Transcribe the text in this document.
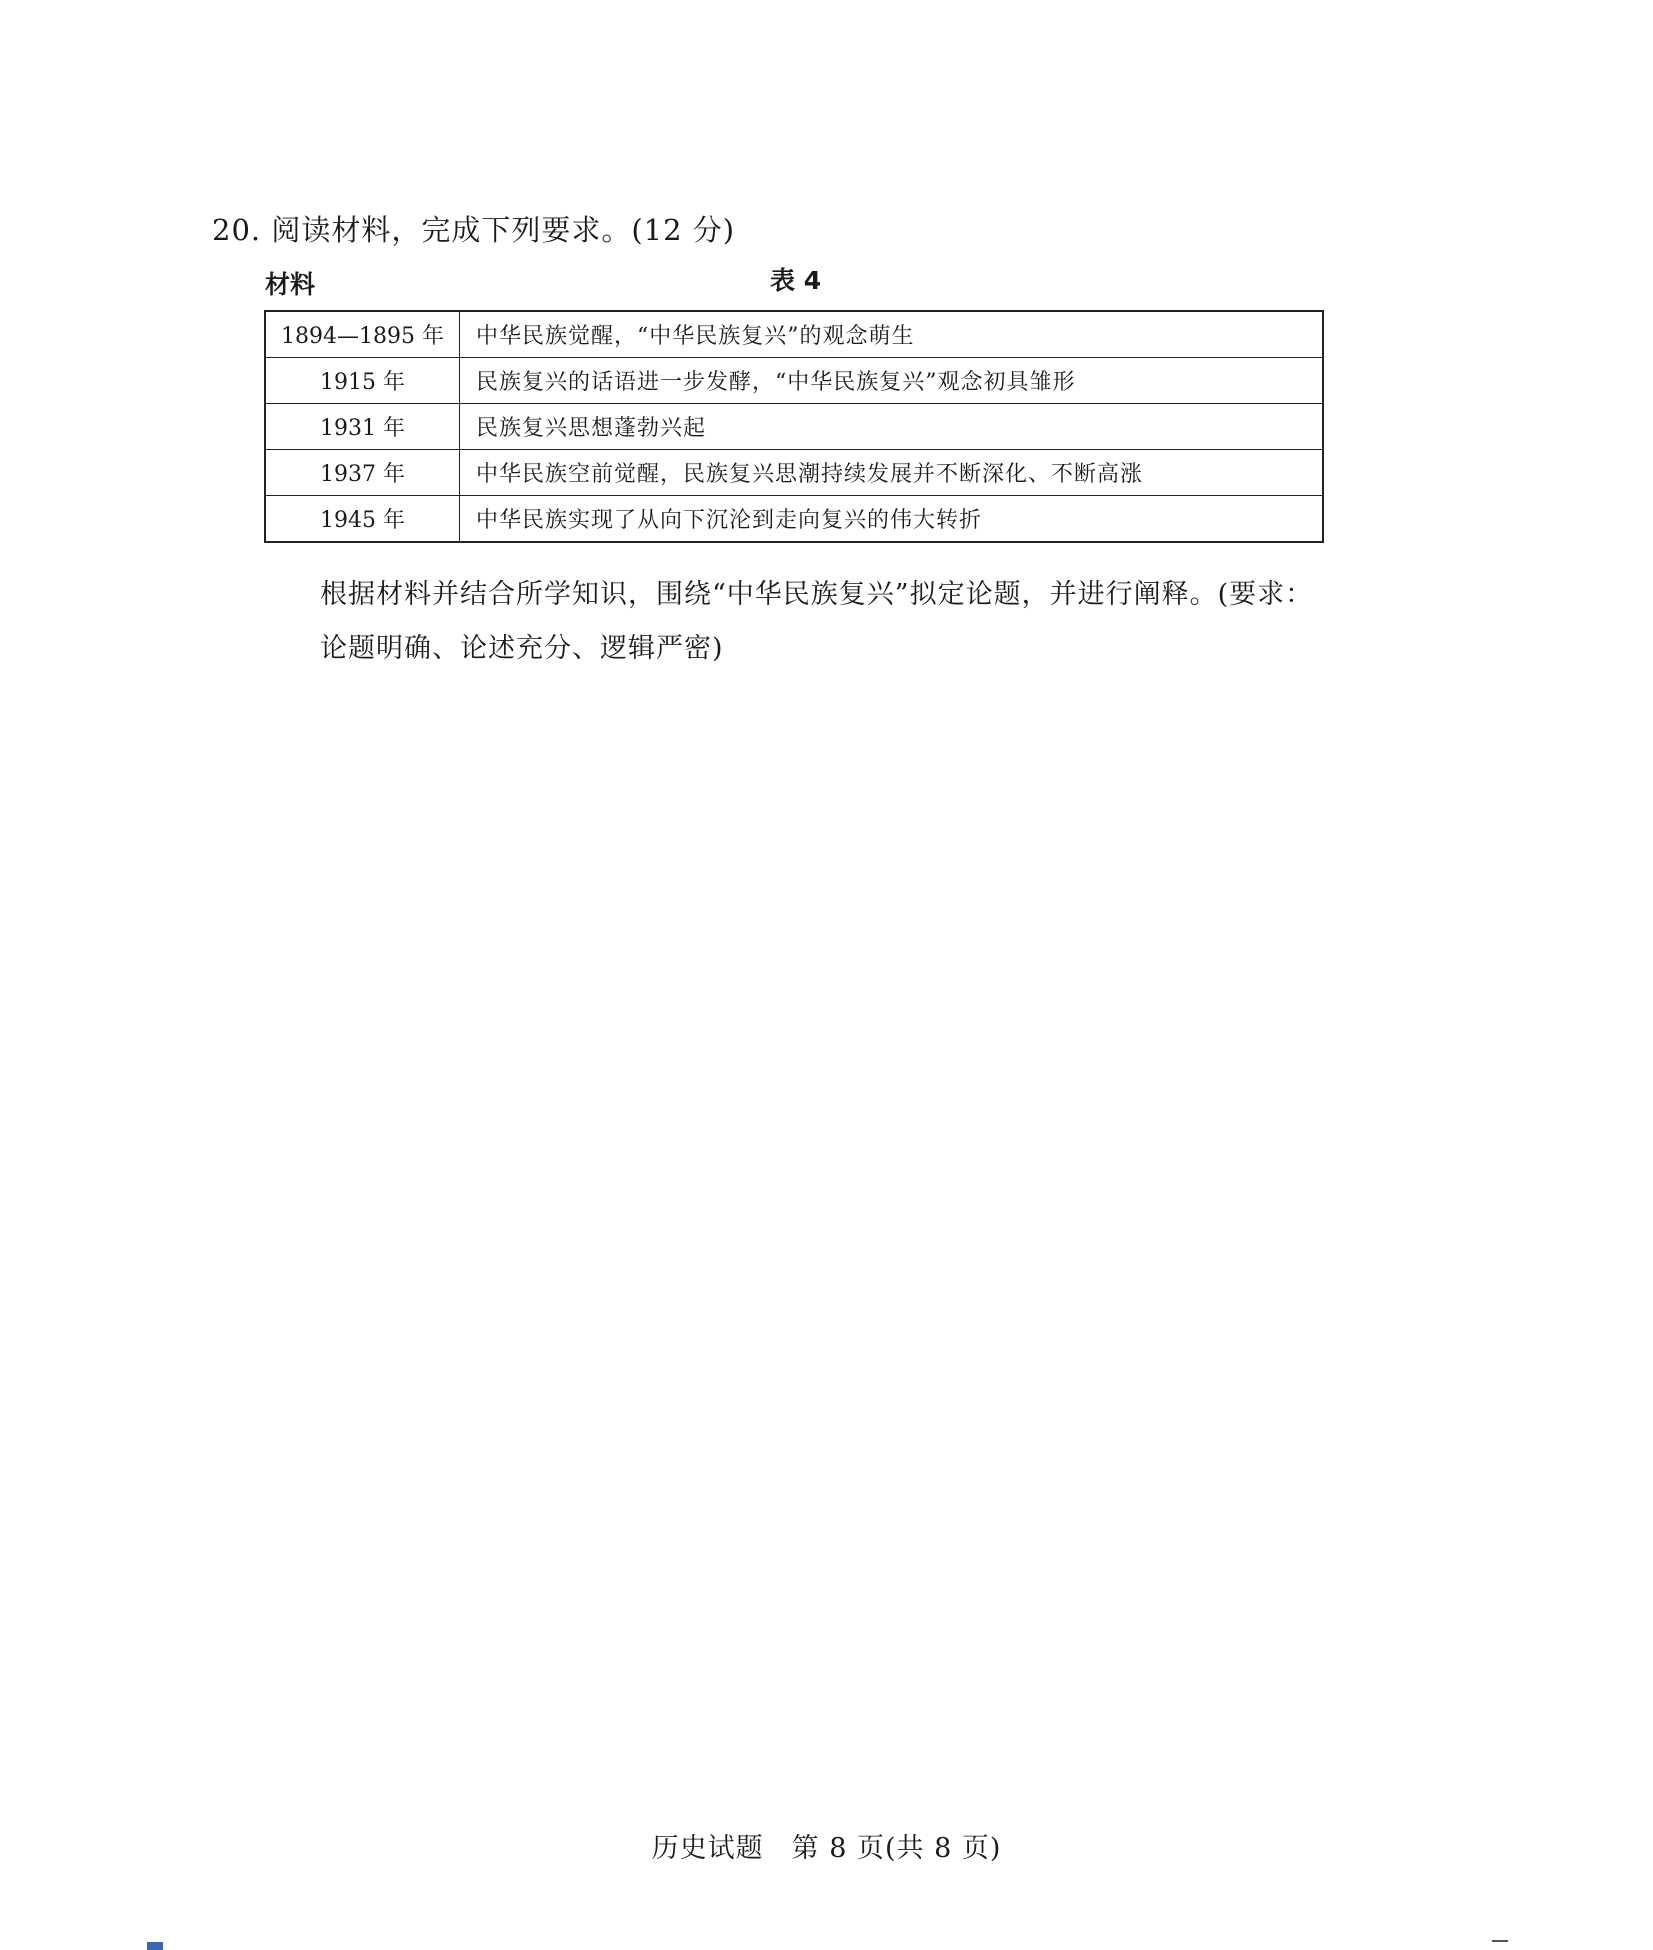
20. 阅读材料，完成下列要求。(12 分)
材料	表 4
1894—1895 年	中华民族觉醒，“中华民族复兴”的观念萌生
1915 年	民族复兴的话语进一步发酵，“中华民族复兴”观念初具雏形
1931 年	民族复兴思想蓬勃兴起
1937 年	中华民族空前觉醒，民族复兴思潮持续发展并不断深化、不断高涨
1945 年	中华民族实现了从向下沉沦到走向复兴的伟大转折
根据材料并结合所学知识，围绕“中华民族复兴”拟定论题，并进行阐释。(要求：论题明确、论述充分、逻辑严密)
历史试题　第 8 页(共 8 页)
